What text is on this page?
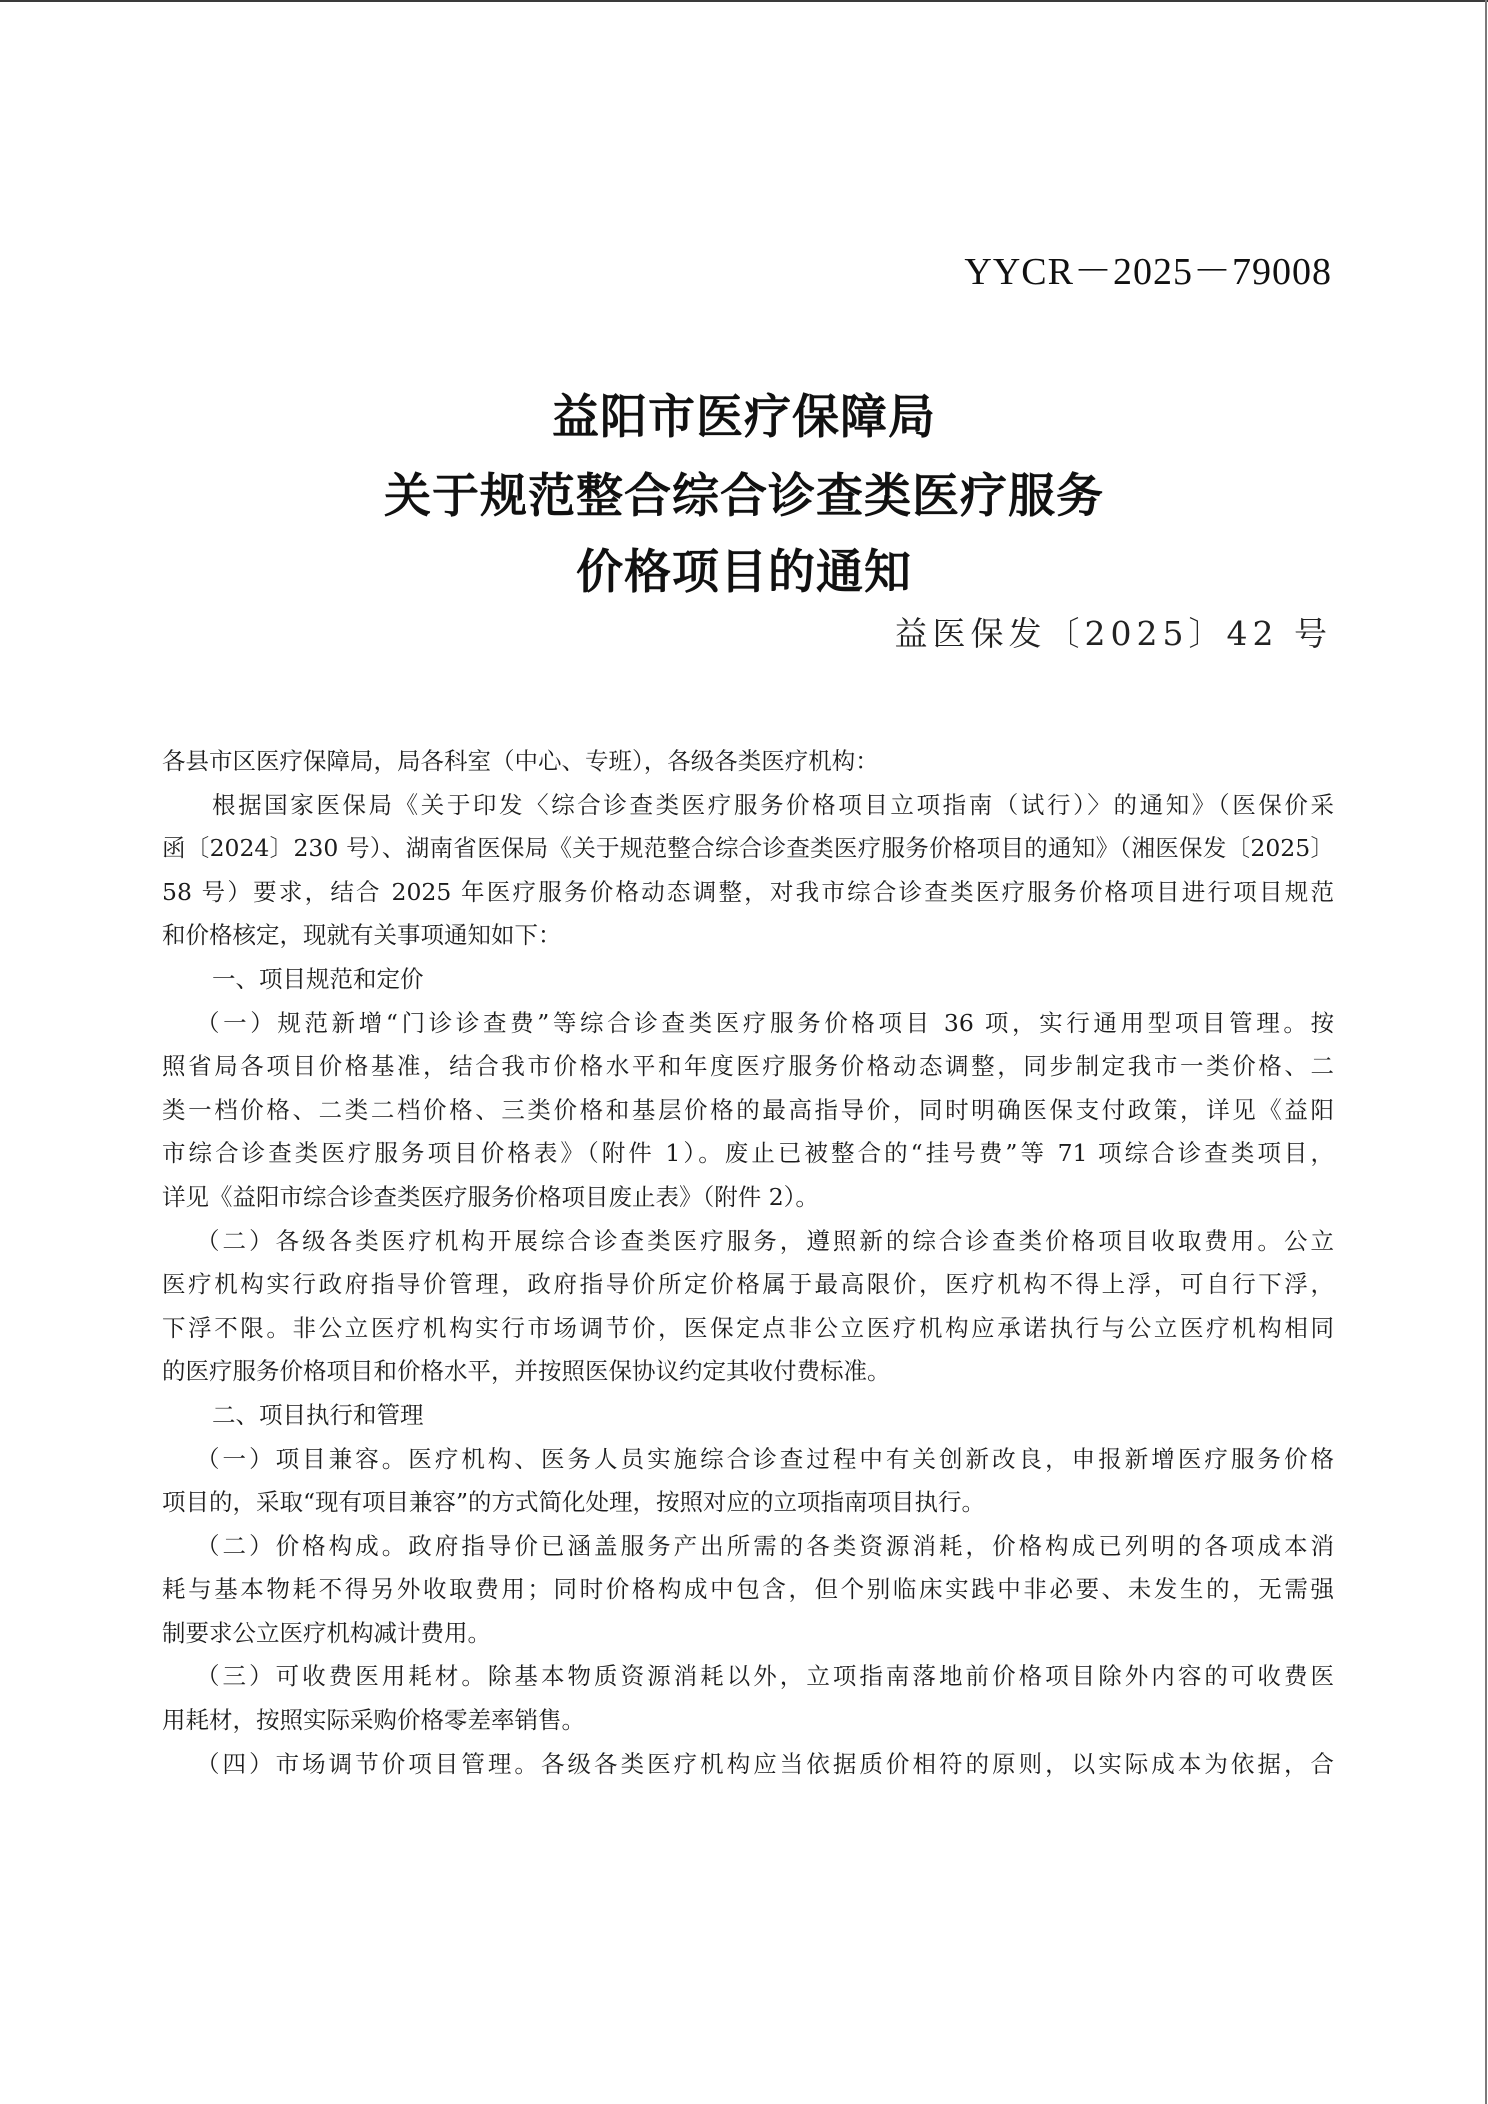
YYCR－2025－79008
益阳市医疗保障局
关于规范整合综合诊查类医疗服务
价格项目的通知
益医保发〔2025〕42 号
各县市区医疗保障局，局各科室（中心、专班），各级各类医疗机构：
根据国家医保局《关于印发〈综合诊查类医疗服务价格项目立项指南（试行）〉的通知》（医保价采
函〔2024〕230 号）、湖南省医保局《关于规范整合综合诊查类医疗服务价格项目的通知》（湘医保发〔2025〕
58 号）要求，结合 2025 年医疗服务价格动态调整，对我市综合诊查类医疗服务价格项目进行项目规范
和价格核定，现就有关事项通知如下：
一、项目规范和定价
（一）规范新增“门诊诊查费”等综合诊查类医疗服务价格项目 36 项，实行通用型项目管理。按
照省局各项目价格基准，结合我市价格水平和年度医疗服务价格动态调整，同步制定我市一类价格、二
类一档价格、二类二档价格、三类价格和基层价格的最高指导价，同时明确医保支付政策，详见《益阳
市综合诊查类医疗服务项目价格表》（附件 1）。废止已被整合的“挂号费”等 71 项综合诊查类项目，
详见《益阳市综合诊查类医疗服务价格项目废止表》（附件 2）。
（二）各级各类医疗机构开展综合诊查类医疗服务，遵照新的综合诊查类价格项目收取费用。公立
医疗机构实行政府指导价管理，政府指导价所定价格属于最高限价，医疗机构不得上浮，可自行下浮，
下浮不限。非公立医疗机构实行市场调节价，医保定点非公立医疗机构应承诺执行与公立医疗机构相同
的医疗服务价格项目和价格水平，并按照医保协议约定其收付费标准。
二、项目执行和管理
（一）项目兼容。医疗机构、医务人员实施综合诊查过程中有关创新改良，申报新增医疗服务价格
项目的，采取“现有项目兼容”的方式简化处理，按照对应的立项指南项目执行。
（二）价格构成。政府指导价已涵盖服务产出所需的各类资源消耗，价格构成已列明的各项成本消
耗与基本物耗不得另外收取费用；同时价格构成中包含，但个别临床实践中非必要、未发生的，无需强
制要求公立医疗机构减计费用。
（三）可收费医用耗材。除基本物质资源消耗以外，立项指南落地前价格项目除外内容的可收费医
用耗材，按照实际采购价格零差率销售。
（四）市场调节价项目管理。各级各类医疗机构应当依据质价相符的原则，以实际成本为依据，合
